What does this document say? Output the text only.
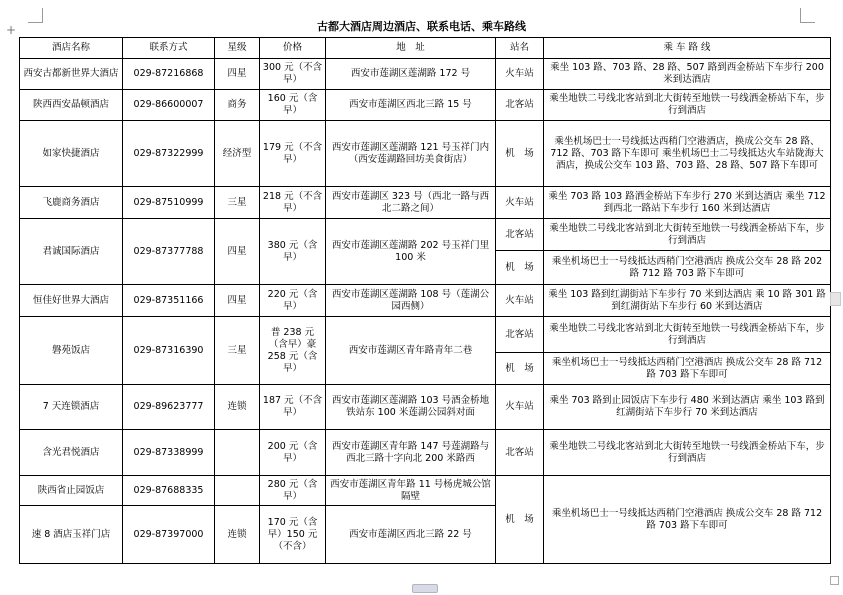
+	古都大酒店周边酒店、联系电话、乘车路线
酒店名称	联系方式	星级	价格	地　址	站名	乘 车 路 线
西安古都新世界大酒店	029-87216868	四星	300 元（不含早）	西安市莲湖区莲湖路 172 号	火车站	乘坐 103 路、703 路、28 路、507 路到西金桥站下车步行 200 米到达酒店
陕西西安晶顿酒店	029-86600007	商务	160 元（含早）	西安市莲湖区西北三路 15 号	北客站	乘坐地铁二号线北客站到北大街转至地铁一号线洒金桥站下车，步行到酒店
如家快捷酒店	029-87322999	经济型	179 元（不含早）	西安市莲湖区莲湖路 121 号玉祥门内（西安莲湖路回坊美食街店）	机　场	乘坐机场巴士一号线抵达西稍门空港酒店，换成公交车 28 路、712 路、703 路下车即可 乘坐机场巴士二号线抵达火车站陇海大酒店，换成公交车 103 路、703 路、28 路、507 路下车即可
飞鹿商务酒店	029-87510999	三星	218 元（不含早）	西安市莲湖区 323 号（西北一路与西北二路之间）	火车站	乘坐 703 路 103 路洒金桥站下车步行 270 米到达酒店 乘坐 712 到西北一路站下车步行 160 米到达酒店
君诚国际酒店	029-87377788	四星	380 元（含早）	西安市莲湖区莲湖路 202 号玉祥门里 100 米	北客站	乘坐地铁二号线北客站到北大街转至地铁一号线洒金桥站下车，步行到酒店
					机　场	乘坐机场巴士一号线抵达西稍门空港酒店 换成公交车 28 路 202 路 712 路 703 路下车即可
恒佳好世界大酒店	029-87351166	四星	220 元（含早）	西安市莲湖区莲湖路 108 号（莲湖公园西侧）	火车站	乘坐 103 路到红湖街站下车步行 70 米到达酒店 乘 10 路 301 路到红湖街站下车步行 60 米到达酒店
磐苑饭店	029-87316390	三星	普 238 元（含早）豪 258 元（含早）	西安市莲湖区青年路青年二巷	北客站	乘坐地铁二号线北客站到北大街转至地铁一号线洒金桥站下车，步行到酒店
					机　场	乘坐机场巴士一号线抵达西稍门空港酒店 换成公交车 28 路 712 路 703 路下车即可
7 天连锁酒店	029-89623777	连锁	187 元（不含早）	西安市莲湖区莲湖路 103 号酒金桥地铁站东 100 米莲湖公园斜对面	火车站	乘坐 703 路到止园饭店下车步行 480 米到达酒店 乘坐 103 路到红湖街站下车步行 70 米到达酒店
含光君悦酒店	029-87338999		200 元（含早）	西安市莲湖区青年路 147 号莲湖路与西北三路十字向北 200 米路西	北客站	乘坐地铁二号线北客站到北大街转至地铁一号线洒金桥站下车，步行到酒店
陕西省止园饭店	029-87688335		280 元（含早）	西安市莲湖区青年路 11 号杨虎城公馆隔壁	机　场	乘坐机场巴士一号线抵达西稍门空港酒店 换成公交车 28 路 712 路 703 路下车即可
速 8 酒店玉祥门店	029-87397000	连锁	170 元（含早）150 元（不含）	西安市莲湖区西北三路 22 号		
